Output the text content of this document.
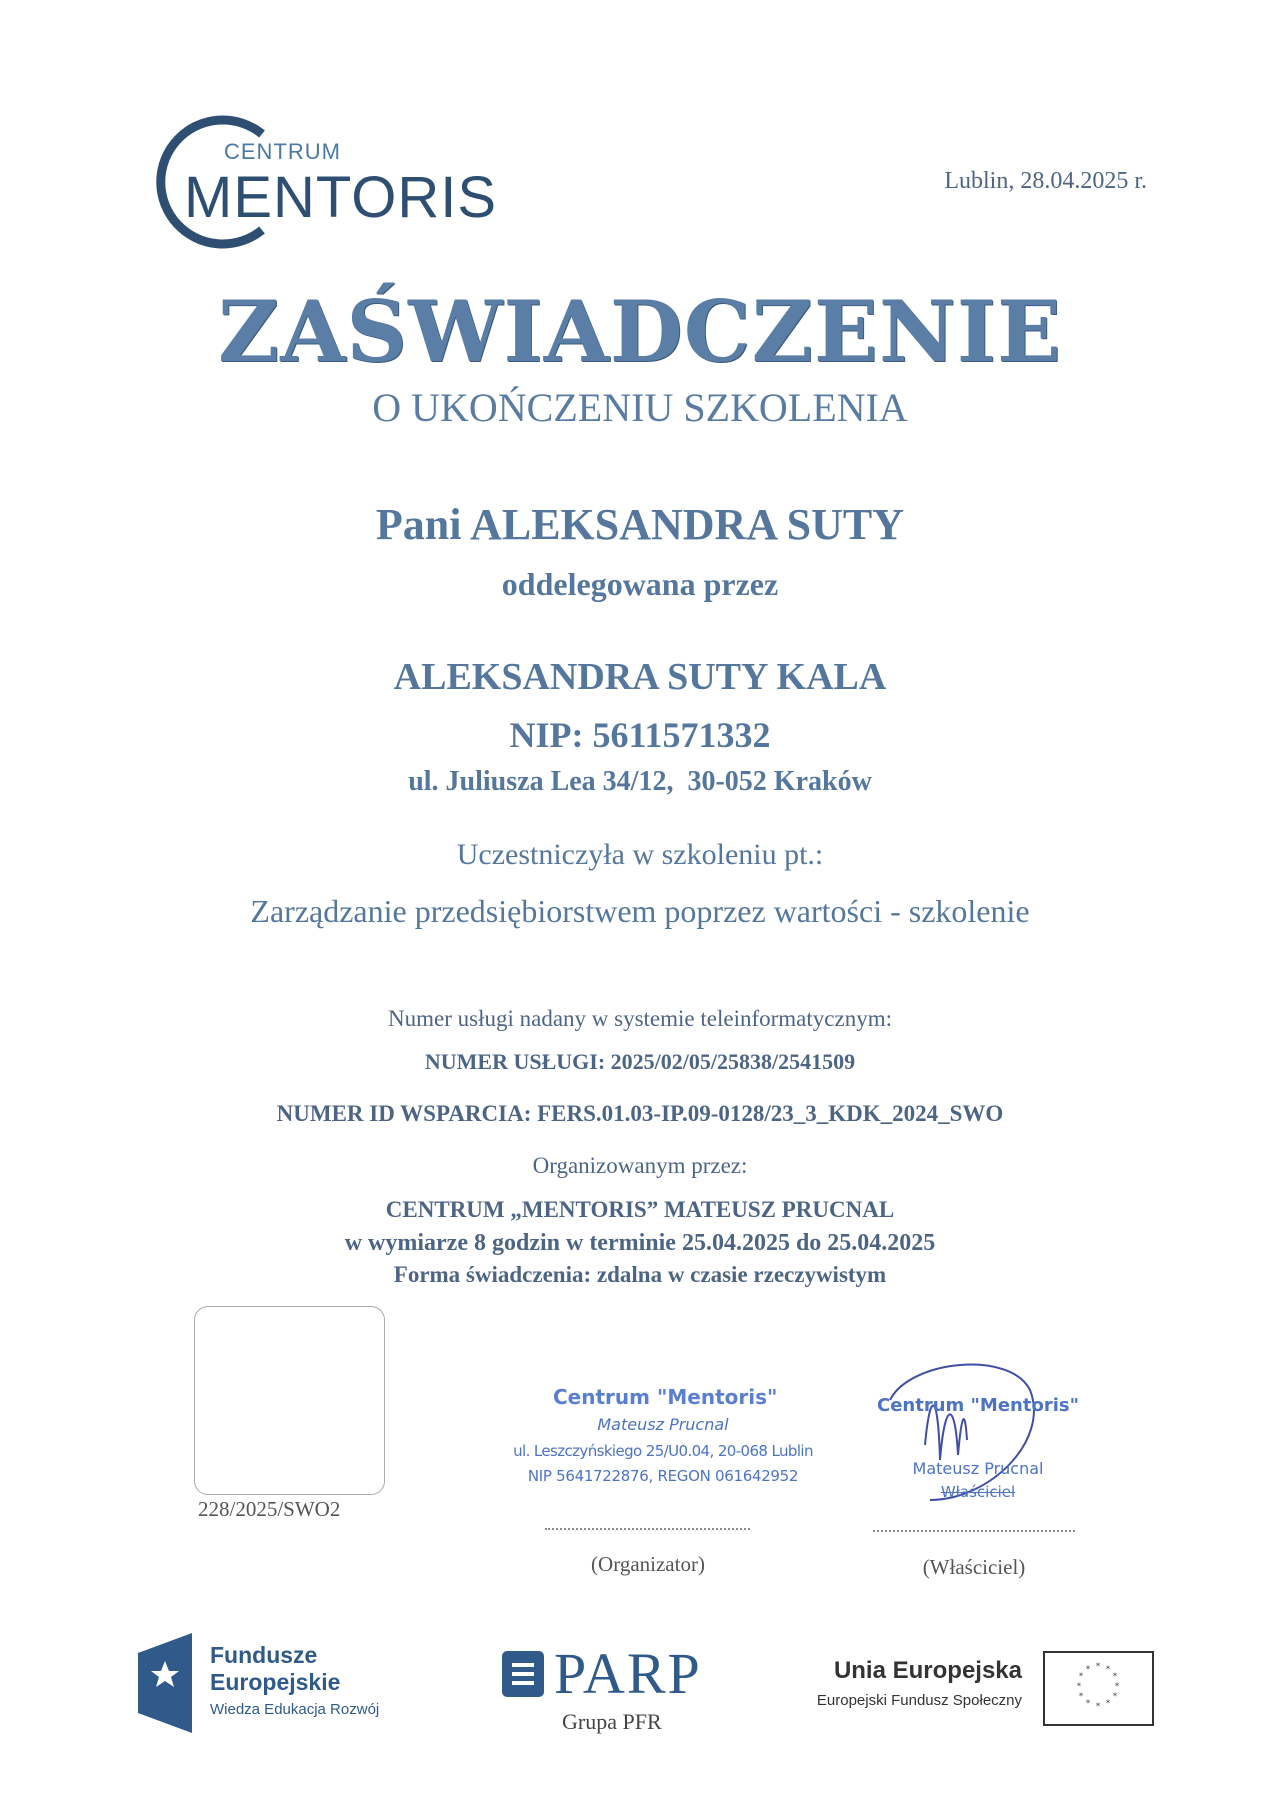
CENTRUM
MENTORIS	Lublin, 28.04.2025 r.
ZAŚWIADCZENIE
O UKOŃCZENIU SZKOLENIA
Pani ALEKSANDRA SUTY
oddelegowana przez
ALEKSANDRA SUTY KALA
NIP: 5611571332
ul. Juliusza Lea 34/12,  30-052 Kraków
Uczestniczyła w szkoleniu pt.:
Zarządzanie przedsiębiorstwem poprzez wartości - szkolenie
Numer usługi nadany w systemie teleinformatycznym:
NUMER USŁUGI: 2025/02/05/25838/2541509
NUMER ID WSPARCIA: FERS.01.03-IP.09-0128/23_3_KDK_2024_SWO
Organizowanym przez:
CENTRUM „MENTORIS” MATEUSZ PRUCNAL
w wymiarze 8 godzin w terminie 25.04.2025 do 25.04.2025
Forma świadczenia: zdalna w czasie rzeczywistym
228/2025/SWO2
Centrum "Mentoris"
Mateusz Prucnal
ul. Leszczyńskiego 25/U0.04, 20-068 Lublin
NIP 5641722876, REGON 061642952
Centrum "Mentoris"
Mateusz Prucnal
Właściciel
(Organizator)	(Właściciel)
Fundusze
Europejskie
Wiedza Edukacja Rozwój
PARP
Grupa PFR
Unia Europejska
Europejski Fundusz Społeczny
* *
*
*
*
*
*
*
*
*
*
*
